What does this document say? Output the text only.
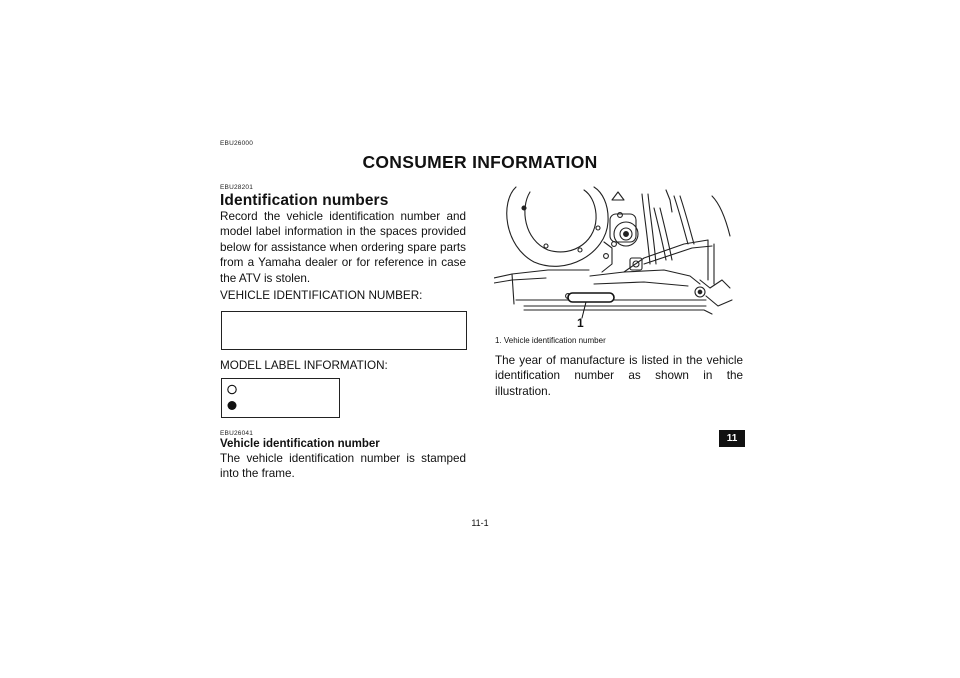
EBU26000
CONSUMER INFORMATION
EBU28201
Identification numbers

Record the vehicle identification number and model label information in the spaces provided below for assistance when ordering spare parts from a Yamaha dealer or for reference in case the ATV is stolen.

VEHICLE IDENTIFICATION NUMBER:

MODEL LABEL INFORMATION:

EBU26041
Vehicle identification number

The vehicle identification number is stamped into the frame.

1
1. Vehicle identification number

The year of manufacture is listed in the vehicle identification number as shown in the illustration.

11
11-1
